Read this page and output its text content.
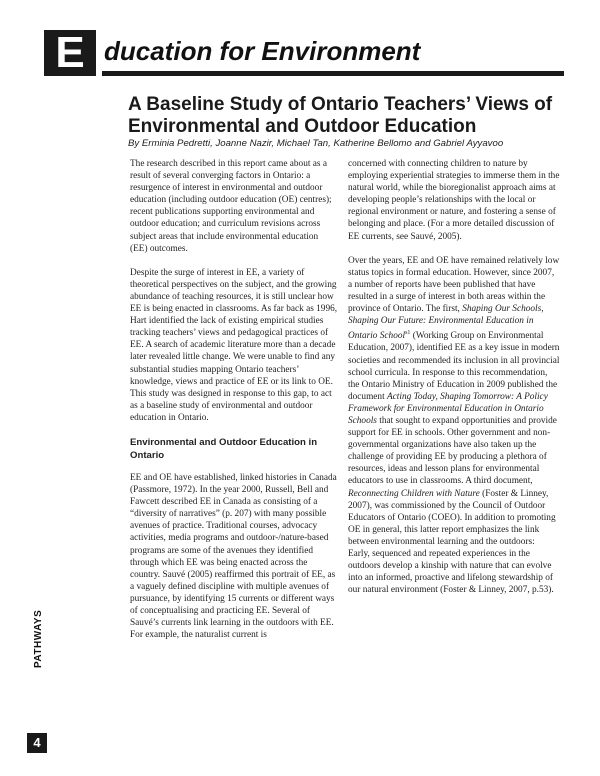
E ducation for Environment
A Baseline Study of Ontario Teachers’ Views of Environmental and Outdoor Education
By Erminia Pedretti, Joanne Nazir, Michael Tan, Katherine Bellomo and Gabriel Ayyavoo

The research described in this report came about as a result of several converging factors in Ontario: a resurgence of interest in environmental and outdoor education (including outdoor education (OE) centres); recent publications supporting environmental and outdoor education; and curriculum revisions across subject areas that include environmental education (EE) outcomes.

Despite the surge of interest in EE, a variety of theoretical perspectives on the subject, and the growing abundance of teaching resources, it is still unclear how EE is being enacted in classrooms. As far back as 1996, Hart identified the lack of existing empirical studies tracking teachers’ views and pedagogical practices of EE. A search of academic literature more than a decade later revealed little change. We were unable to find any substantial studies mapping Ontario teachers’ knowledge, views and practice of EE or its link to OE. This study was designed in response to this gap, to act as a baseline study of environmental and outdoor education in Ontario.

Environmental and Outdoor Education in Ontario

EE and OE have established, linked histories in Canada (Passmore, 1972). In the year 2000, Russell, Bell and Fawcett described EE in Canada as consisting of a “diversity of narratives” (p. 207) with many possible avenues of practice. Traditional courses, advocacy activities, media programs and outdoor-/nature-based programs are some of the avenues they identified through which EE was being enacted across the country. Sauvé (2005) reaffirmed this portrait of EE, as a vaguely defined discipline with multiple avenues of pursuance, by identifying 15 currents or different ways of conceptualising and practicing EE. Several of Sauvé’s currents link learning in the outdoors with EE. For example, the naturalist current is

concerned with connecting children to nature by employing experiential strategies to immerse them in the natural world, while the bioregionalist approach aims at developing people’s relationships with the local or regional environment or nature, and fostering a sense of belonging and place. (For a more detailed discussion of EE currents, see Sauvé, 2005).

Over the years, EE and OE have remained relatively low status topics in formal education. However, since 2007, a number of reports have been published that have resulted in a surge of interest in both areas within the province of Ontario. The first, Shaping Our Schools, Shaping Our Future: Environmental Education in Ontario School$^{s1}$ (Working Group on Environmental Education, 2007), identified EE as a key issue in modern societies and recommended its inclusion in all provincial school curricula. In response to this recommendation, the Ontario Ministry of Education in 2009 published the document Acting Today, Shaping Tomorrow: A Policy Framework for Environmental Education in Ontario Schools that sought to expand opportunities and provide support for EE in schools. Other government and non-governmental organizations have also taken up the challenge of providing EE by producing a plethora of resources, ideas and lesson plans for environmental educators to use in classrooms. A third document, Reconnecting Children with Nature (Foster & Linney, 2007), was commissioned by the Council of Outdoor Educators of Ontario (COEO). In addition to promoting OE in general, this latter report emphasizes the link between environmental learning and the outdoors:

Early, sequenced and repeated experiences in the outdoors develop a kinship with nature that can evolve into an informed, proactive and lifelong stewardship of our natural environment (Foster & Linney, 2007, p.53).

PATHWAYS
4
